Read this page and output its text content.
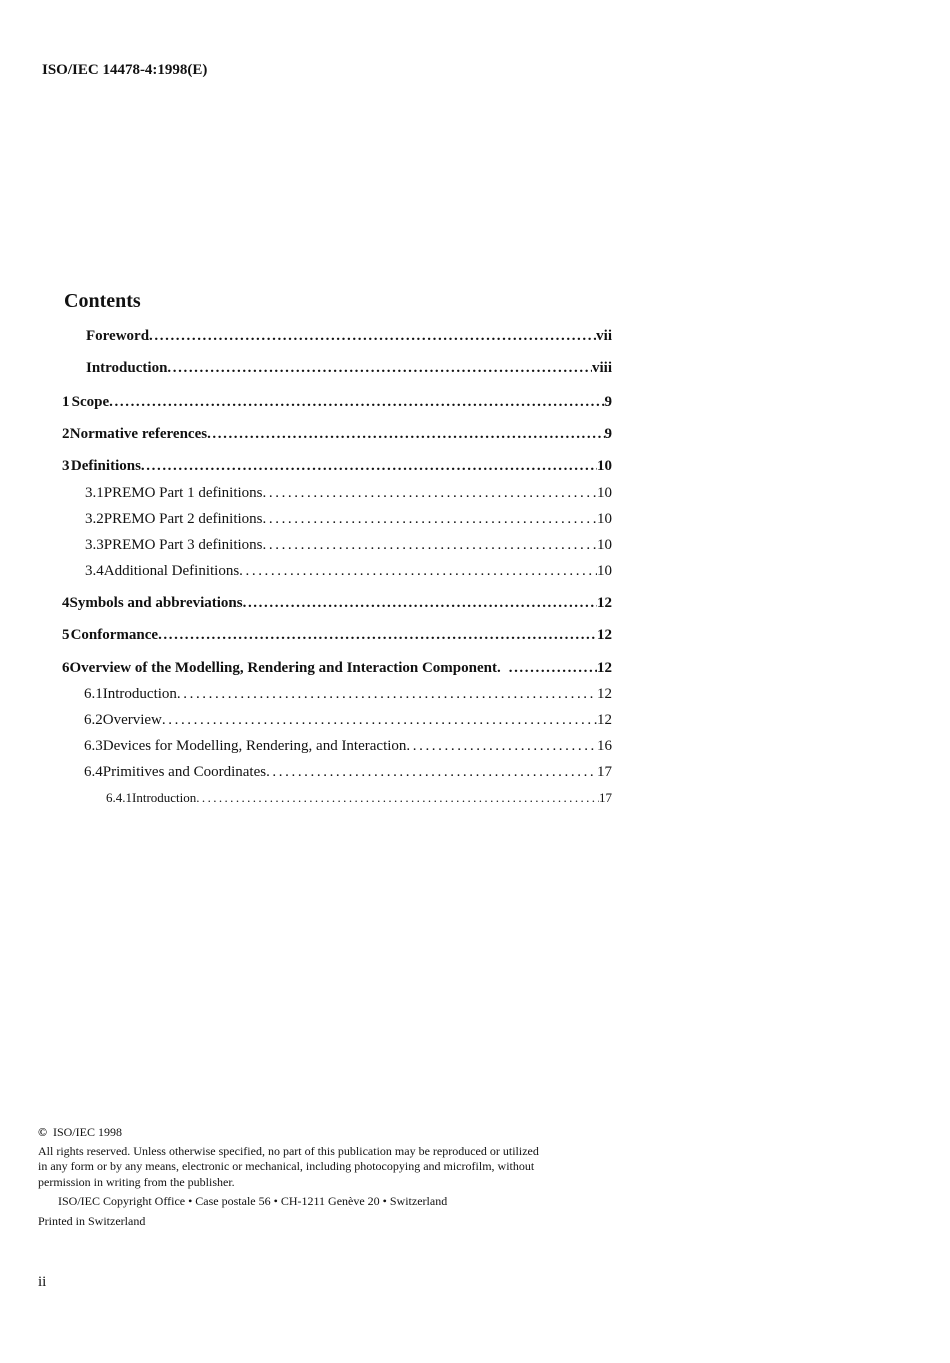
ISO/IEC 14478-4:1998(E)
Contents
Foreword .....	vii
Introduction .....	viii
1 Scope .....	9
2 Normative references .....	9
3 Definitions .....	10
3.1 PREMO Part 1 definitions .....	10
3.2 PREMO Part 2 definitions .....	10
3.3 PREMO Part 3 definitions .....	10
3.4 Additional Definitions .....	10
4 Symbols and abbreviations .....	12
5 Conformance .....	12
6 Overview of the Modelling, Rendering and Interaction Component. .....	12
6.1 Introduction .....	12
6.2 Overview .....	12
6.3 Devices for Modelling, Rendering, and Interaction .....	16
6.4 Primitives and Coordinates .....	17
6.4.1 Introduction .....	17
© ISO/IEC 1998
All rights reserved. Unless otherwise specified, no part of this publication may be reproduced or utilized
in any form or by any means, electronic or mechanical, including photocopying and microfilm, without
permission in writing from the publisher.
ISO/IEC Copyright Office • Case postale 56 • CH-1211 Genève 20 • Switzerland
Printed in Switzerland
ii
